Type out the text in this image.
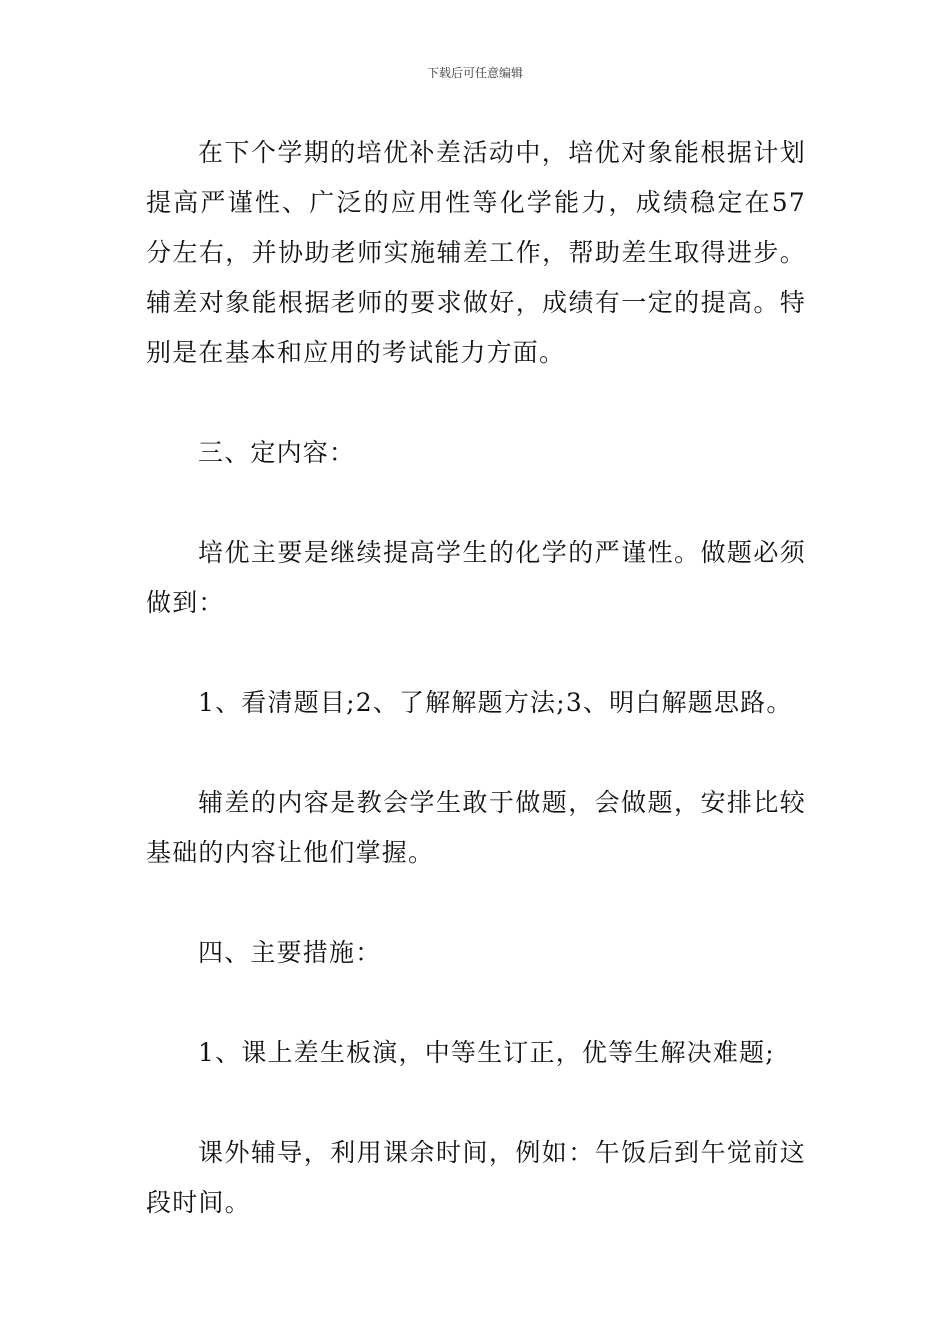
下载后可任意编辑

在下个学期的培优补差活动中，培优对象能根据计划提高严谨性、广泛的应用性等化学能力，成绩稳定在57分左右，并协助老师实施辅差工作，帮助差生取得进步。辅差对象能根据老师的要求做好，成绩有一定的提高。特别是在基本和应用的考试能力方面。

三、定内容：

培优主要是继续提高学生的化学的严谨性。做题必须做到：

1、看清题目;2、了解解题方法;3、明白解题思路。

辅差的内容是教会学生敢于做题，会做题，安排比较基础的内容让他们掌握。

四、主要措施：

1、课上差生板演，中等生订正，优等生解决难题;

课外辅导，利用课余时间，例如：午饭后到午觉前这段时间。
